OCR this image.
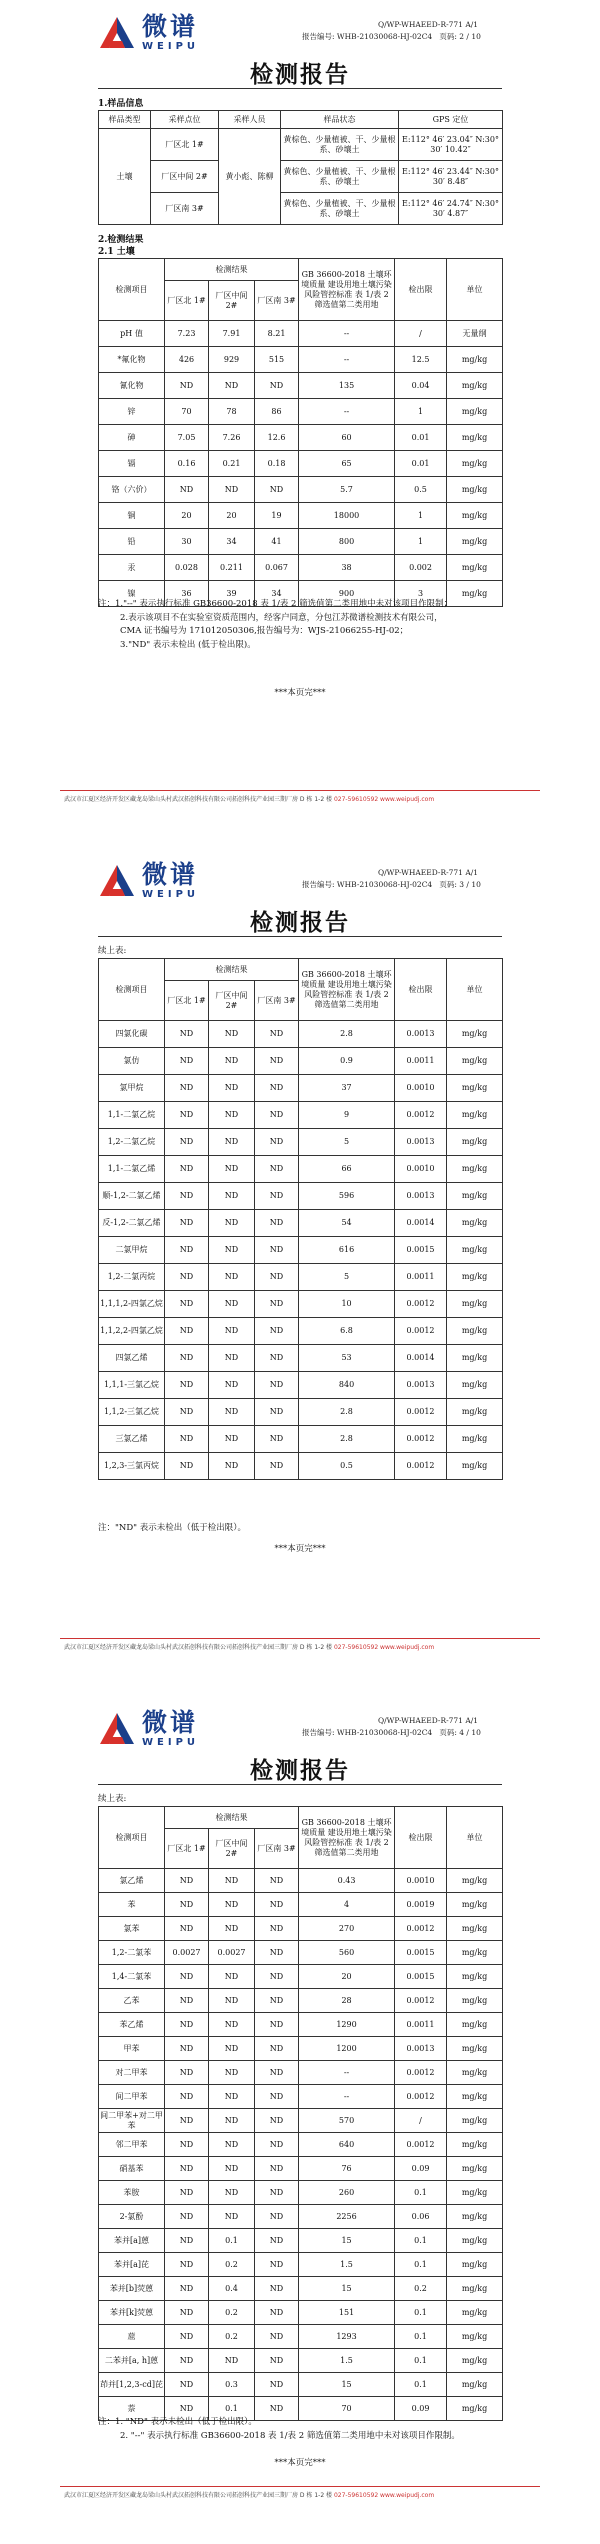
微谱
WEIPU
Q/WP-WHAEED-R-771 A/1
报告编号: WHB-21030068-HJ-02C4 页码: 2 / 10
检测报告
1.样品信息
样品类型	采样点位	采样人员	样品状态	GPS 定位
土壤	厂区北 1#	黄小彪、陈柳	黄棕色、少量植被、干、少量根系、砂壤土	E:112° 46′ 23.04″ N:30° 30′ 10.42″
	厂区中间 2#		黄棕色、少量植被、干、少量根系、砂壤土	E:112° 46′ 23.44″ N:30° 30′ 8.48″
	厂区南 3#		黄棕色、少量植被、干、少量根系、砂壤土	E:112° 46′ 24.74″ N:30° 30′ 4.87″
2.检测结果
2.1 土壤
检测项目	检测结果			GB 36600-2018 土壤环境质量 建设用地土壤污染风险管控标准 表 1/表 2 筛选值第二类用地	检出限	单位
	厂区北 1#	厂区中间 2#	厂区南 3#			
pH 值	7.23	7.91	8.21	--	/	无量纲
*氟化物	426	929	515	--	12.5	mg/kg
氰化物	ND	ND	ND	135	0.04	mg/kg
锌	70	78	86	--	1	mg/kg
砷	7.05	7.26	12.6	60	0.01	mg/kg
镉	0.16	0.21	0.18	65	0.01	mg/kg
铬（六价）	ND	ND	ND	5.7	0.5	mg/kg
铜	20	20	19	18000	1	mg/kg
铅	30	34	41	800	1	mg/kg
汞	0.028	0.211	0.067	38	0.002	mg/kg
镍	36	39	34	900	3	mg/kg
注：1."--" 表示执行标准 GB36600-2018 表 1/表 2 筛选值第二类用地中未对该项目作限制；
2.表示该项目不在实验室资质范围内，经客户同意，分包江苏微谱检测技术有限公司，
CMA 证书编号为 171012050306,报告编号为：WJS-21066255-HJ-02；
3."ND" 表示未检出 (低于检出限)。
***本页完***
武汉市江夏区经济开发区藏龙岛梁山头村武汉拓创科技有限公司拓创科技产业园三期厂房 D 栋 1-2 楼 027-59610592 www.weipudj.com
微谱
WEIPU
Q/WP-WHAEED-R-771 A/1
报告编号: WHB-21030068-HJ-02C4 页码: 3 / 10
检测报告
续上表:
检测项目	检测结果			GB 36600-2018 土壤环境质量 建设用地土壤污染风险管控标准 表 1/表 2 筛选值第二类用地	检出限	单位
	厂区北 1#	厂区中间 2#	厂区南 3#			
四氯化碳	ND	ND	ND	2.8	0.0013	mg/kg
氯仿	ND	ND	ND	0.9	0.0011	mg/kg
氯甲烷	ND	ND	ND	37	0.0010	mg/kg
1,1-二氯乙烷	ND	ND	ND	9	0.0012	mg/kg
1,2-二氯乙烷	ND	ND	ND	5	0.0013	mg/kg
1,1-二氯乙烯	ND	ND	ND	66	0.0010	mg/kg
顺-1,2-二氯乙烯	ND	ND	ND	596	0.0013	mg/kg
反-1,2-二氯乙烯	ND	ND	ND	54	0.0014	mg/kg
二氯甲烷	ND	ND	ND	616	0.0015	mg/kg
1,2-二氯丙烷	ND	ND	ND	5	0.0011	mg/kg
1,1,1,2-四氯乙烷	ND	ND	ND	10	0.0012	mg/kg
1,1,2,2-四氯乙烷	ND	ND	ND	6.8	0.0012	mg/kg
四氯乙烯	ND	ND	ND	53	0.0014	mg/kg
1,1,1-三氯乙烷	ND	ND	ND	840	0.0013	mg/kg
1,1,2-三氯乙烷	ND	ND	ND	2.8	0.0012	mg/kg
三氯乙烯	ND	ND	ND	2.8	0.0012	mg/kg
1,2,3-三氯丙烷	ND	ND	ND	0.5	0.0012	mg/kg
注："ND" 表示未检出（低于检出限）。
***本页完***
武汉市江夏区经济开发区藏龙岛梁山头村武汉拓创科技有限公司拓创科技产业园三期厂房 D 栋 1-2 楼 027-59610592 www.weipudj.com
微谱
WEIPU
Q/WP-WHAEED-R-771 A/1
报告编号: WHB-21030068-HJ-02C4 页码: 4 / 10
检测报告
续上表:
检测项目	检测结果			GB 36600-2018 土壤环境质量 建设用地土壤污染风险管控标准 表 1/表 2 筛选值第二类用地	检出限	单位
	厂区北 1#	厂区中间 2#	厂区南 3#			
氯乙烯	ND	ND	ND	0.43	0.0010	mg/kg
苯	ND	ND	ND	4	0.0019	mg/kg
氯苯	ND	ND	ND	270	0.0012	mg/kg
1,2-二氯苯	0.0027	0.0027	ND	560	0.0015	mg/kg
1,4-二氯苯	ND	ND	ND	20	0.0015	mg/kg
乙苯	ND	ND	ND	28	0.0012	mg/kg
苯乙烯	ND	ND	ND	1290	0.0011	mg/kg
甲苯	ND	ND	ND	1200	0.0013	mg/kg
对二甲苯	ND	ND	ND	--	0.0012	mg/kg
间二甲苯	ND	ND	ND	--	0.0012	mg/kg
间二甲苯+对二甲苯	ND	ND	ND	570	/	mg/kg
邻二甲苯	ND	ND	ND	640	0.0012	mg/kg
硝基苯	ND	ND	ND	76	0.09	mg/kg
苯胺	ND	ND	ND	260	0.1	mg/kg
2-氯酚	ND	ND	ND	2256	0.06	mg/kg
苯并[a]蒽	ND	0.1	ND	15	0.1	mg/kg
苯并[a]芘	ND	0.2	ND	1.5	0.1	mg/kg
苯并[b]荧蒽	ND	0.4	ND	15	0.2	mg/kg
苯并[k]荧蒽	ND	0.2	ND	151	0.1	mg/kg
䓛	ND	0.2	ND	1293	0.1	mg/kg
二苯并[a, h]蒽	ND	ND	ND	1.5	0.1	mg/kg
茚并[1,2,3-cd]芘	ND	0.3	ND	15	0.1	mg/kg
萘	ND	0.1	ND	70	0.09	mg/kg
注：1. "ND" 表示未检出（低于检出限）。
2. "--" 表示执行标准 GB36600-2018 表 1/表 2 筛选值第二类用地中未对该项目作限制。
***本页完***
武汉市江夏区经济开发区藏龙岛梁山头村武汉拓创科技有限公司拓创科技产业园三期厂房 D 栋 1-2 楼 027-59610592 www.weipudj.com
